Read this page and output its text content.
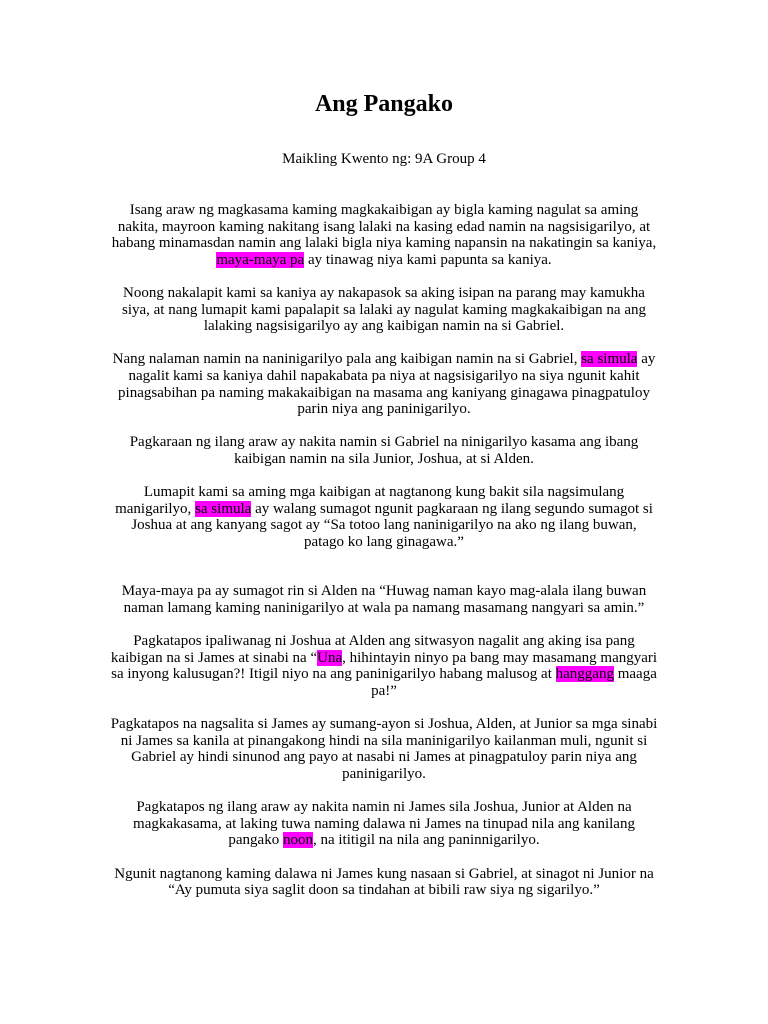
Ang Pangako

Maikling Kwento ng: 9A Group 4

Isang araw ng magkasama kaming magkakaibigan ay bigla kaming nagulat sa aming nakita, mayroon kaming nakitang isang lalaki na kasing edad namin na nagsisigarilyo, at habang minamasdan namin ang lalaki bigla niya kaming napansin na nakatingin sa kaniya, maya-maya pa ay tinawag niya kami papunta sa kaniya.

Noong nakalapit kami sa kaniya ay nakapasok sa aking isipan na parang may kamukha siya, at nang lumapit kami papalapit sa lalaki ay nagulat kaming magkakaibigan na ang lalaking nagsisigarilyo ay ang kaibigan namin na si Gabriel.

Nang nalaman namin na naninigarilyo pala ang kaibigan namin na si Gabriel, sa simula ay nagalit kami sa kaniya dahil napakabata pa niya at nagsisigarilyo na siya ngunit kahit pinagsabihan pa naming makakaibigan na masama ang kaniyang ginagawa pinagpatuloy parin niya ang paninigarilyo.

Pagkaraan ng ilang araw ay nakita namin si Gabriel na ninigarilyo kasama ang ibang kaibigan namin na sila Junior, Joshua, at si Alden.

Lumapit kami sa aming mga kaibigan at nagtanong kung bakit sila nagsimulang manigarilyo, sa simula ay walang sumagot ngunit pagkaraan ng ilang segundo sumagot si Joshua at ang kanyang sagot ay “Sa totoo lang naninigarilyo na ako ng ilang buwan, patago ko lang ginagawa.”

Maya-maya pa ay sumagot rin si Alden na “Huwag naman kayo mag-alala ilang buwan naman lamang kaming naninigarilyo at wala pa namang masamang nangyari sa amin.”

Pagkatapos ipaliwanag ni Joshua at Alden ang sitwasyon nagalit ang aking isa pang kaibigan na si James at sinabi na “Una, hihintayin ninyo pa bang may masamang mangyari sa inyong kalusugan?! Itigil niyo na ang paninigarilyo habang malusog at hanggang maaga pa!”

Pagkatapos na nagsalita si James ay sumang-ayon si Joshua, Alden, at Junior sa mga sinabi ni James sa kanila at pinangakong hindi na sila maninigarilyo kailanman muli, ngunit si Gabriel ay hindi sinunod ang payo at nasabi ni James at pinagpatuloy parin niya ang paninigarilyo.

Pagkatapos ng ilang araw ay nakita namin ni James sila Joshua, Junior at Alden na magkakasama, at laking tuwa naming dalawa ni James na tinupad nila ang kanilang pangako noon, na ititigil na nila ang paninnigarilyo.

Ngunit nagtanong kaming dalawa ni James kung nasaan si Gabriel, at sinagot ni Junior na “Ay pumuta siya saglit doon sa tindahan at bibili raw siya ng sigarilyo.”
